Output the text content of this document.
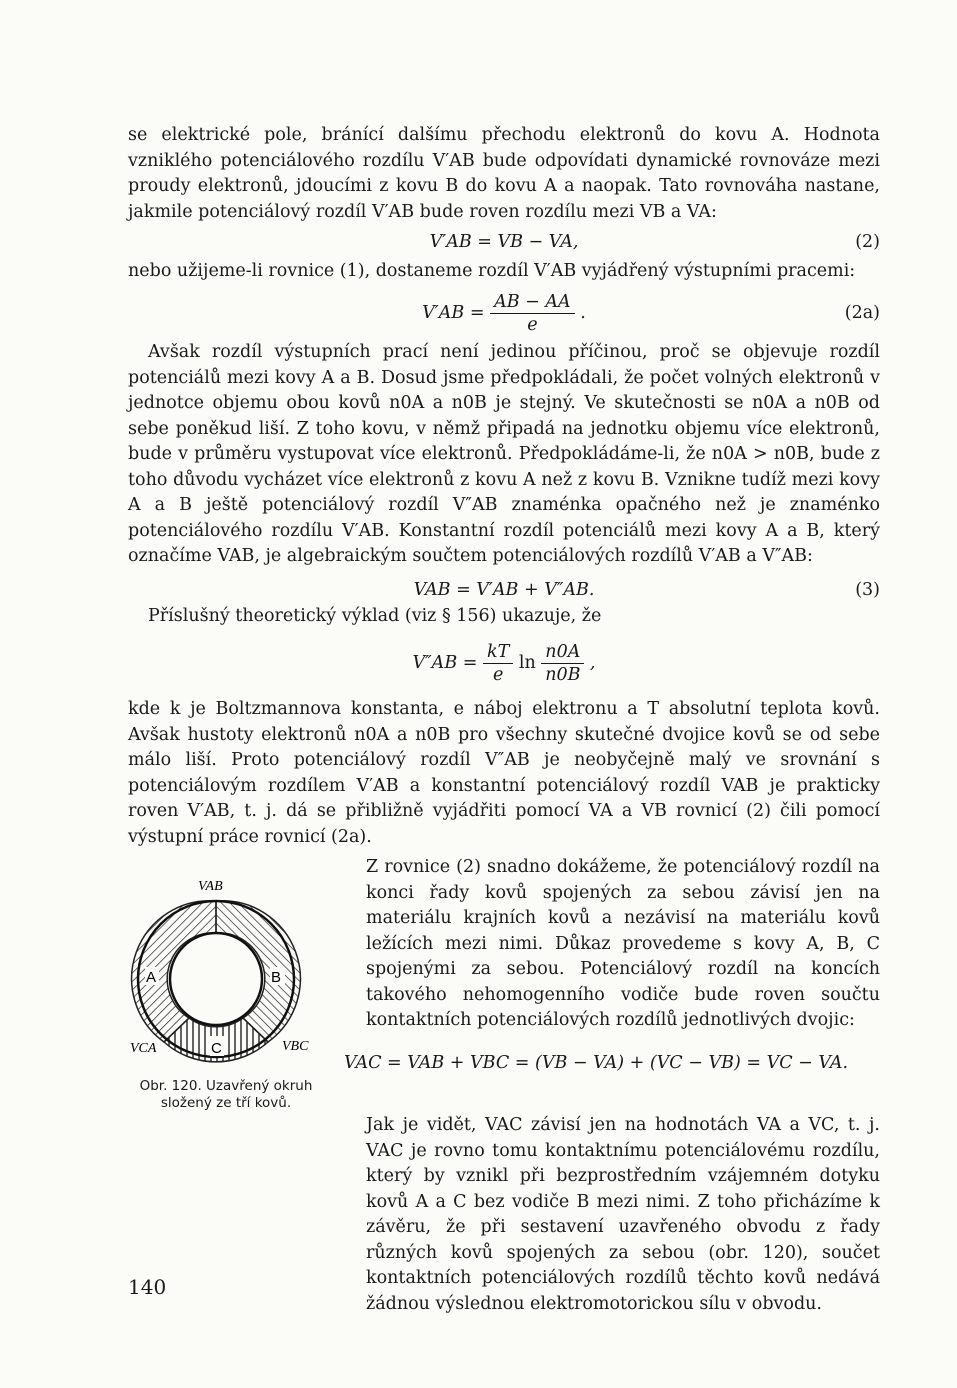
se elektrické pole, bránící dalšímu přechodu elektronů do kovu A. Hodnota vzniklého potenciálového rozdílu V′AB bude odpovídati dynamické rovnováze mezi proudy elektronů, jdoucími z kovu B do kovu A a naopak. Tato rovnováha nastane, jakmile potenciálový rozdíl V′AB bude roven rozdílu mezi VB a VA:
V′AB = VB − VA,	(2)
nebo užijeme-li rovnice (1), dostaneme rozdíl V′AB vyjádřený výstupními pracemi:
$V'AB = \frac{AB - AA}{e}$ .	(2a)
Avšak rozdíl výstupních prací není jedinou příčinou, proč se objevuje rozdíl potenciálů mezi kovy A a B. Dosud jsme předpokládali, že počet volných elektronů v jednotce objemu obou kovů n0A a n0B je stejný. Ve skutečnosti se n0A a n0B od sebe poněkud liší. Z toho kovu, v němž připadá na jednotku objemu více elektronů, bude v průměru vystupovat více elektronů. Předpokládáme-li, že n0A > n0B, bude z toho důvodu vycházet více elektronů z kovu A než z kovu B. Vznikne tudíž mezi kovy A a B ještě potenciálový rozdíl V″AB znaménka opačného než je znaménko potenciálového rozdílu V′AB. Konstantní rozdíl potenciálů mezi kovy A a B, který označíme VAB, je algebraickým součtem potenciálových rozdílů V′AB a V″AB:
VAB = V′AB + V″AB.	(3)
Příslušný theoretický výklad (viz § 156) ukazuje, že
$V''AB = \frac{kT}{e}$ $\ln \frac{n0A}{n0B}$ ,
kde k je Boltzmannova konstanta, e náboj elektronu a T absolutní teplota kovů. Avšak hustoty elektronů n0A a n0B pro všechny skutečné dvojice kovů se od sebe málo liší. Proto potenciálový rozdíl V″AB je neobyčejně malý ve srovnání s potenciálovým rozdílem V′AB a konstantní potenciálový rozdíl VAB je prakticky roven V′AB, t. j. dá se přibližně vyjádřiti pomocí VA a VB rovnicí (2) čili pomocí výstupní práce rovnicí (2a).
Z rovnice (2) snadno dokážeme, že potenciálový rozdíl na konci řady kovů spojených za sebou závisí jen na materiálu krajních kovů a nezávisí na materiálu kovů ležících mezi nimi. Důkaz provedeme s kovy A, B, C spojenými za sebou. Potenciálový rozdíl na koncích takového nehomogenního vodiče bude roven součtu kontaktních potenciálových rozdílů jednotlivých dvojic:
VAC = VAB + VBC = (VB − VA) + (VC − VB) = VC − VA.
A	B
C
VAB
VCA	VBC
Obr. 120. Uzavřený okruh složený ze tří kovů.
Jak je vidět, VAC závisí jen na hodnotách VA a VC, t. j. VAC je rovno tomu kontaktnímu potenciálovému rozdílu, který by vznikl při bezprostředním vzájemném dotyku kovů A a C bez vodiče B mezi nimi. Z toho přicházíme k závěru, že při sestavení uzavřeného obvodu z řady různých kovů spojených za sebou (obr. 120), součet kontaktních potenciálových rozdílů těchto kovů nedává žádnou výslednou elektromotorickou sílu v obvodu.
140
